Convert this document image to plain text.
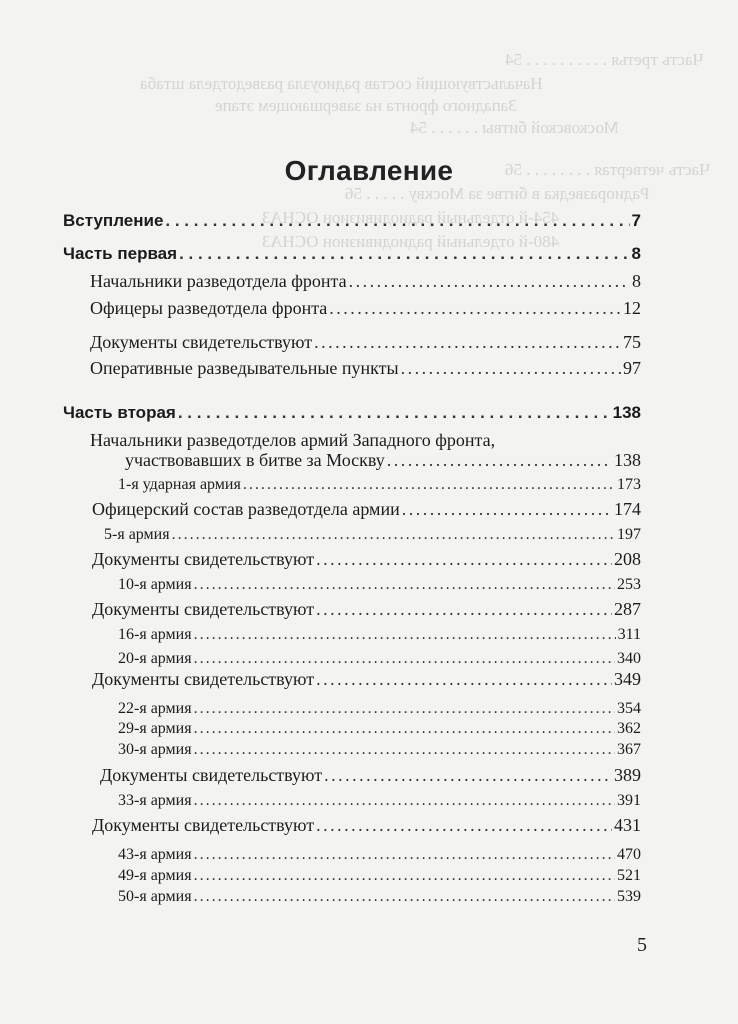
Часть третья . . . . . . . . . . 54
Начальствующий состав радиоузла разведотдела штаба
Западного фронта на завершающем этапе
Московской битвы . . . . . . 54
Часть четвертая . . . . . . . . 56
Радиоразведка в битве за Москву . . . . . 56
454-й отдельный радиодивизион ОСНАЗ
480-й отдельный радиодивизион ОСНАЗ
Оглавление
Вступление . . .	7
Часть первая . . .	8
Начальники разведотдела фронта . . .	8
Офицеры разведотдела фронта . . .	12
Документы свидетельствуют . . .	75
Оперативные разведывательные пункты . . .	97
Часть вторая . . .	138
Начальники разведотделов армий Западного фронта,
участвовавших в битве за Москву . . .	138
1-я ударная армия . . .	173
Офицерский состав разведотдела армии . . .	174
5-я армия . . .	197
Документы свидетельствуют . . .	208
10-я армия . . .	253
Документы свидетельствуют . . .	287
16-я армия . . .	311
20-я армия . . .	340
Документы свидетельствуют . . .	349
22-я армия . . .	354
29-я армия . . .	362
30-я армия . . .	367
Документы свидетельствуют . . .	389
33-я армия . . .	391
Документы свидетельствуют . . .	431
43-я армия . . .	470
49-я армия . . .	521
50-я армия . . .	539
5
